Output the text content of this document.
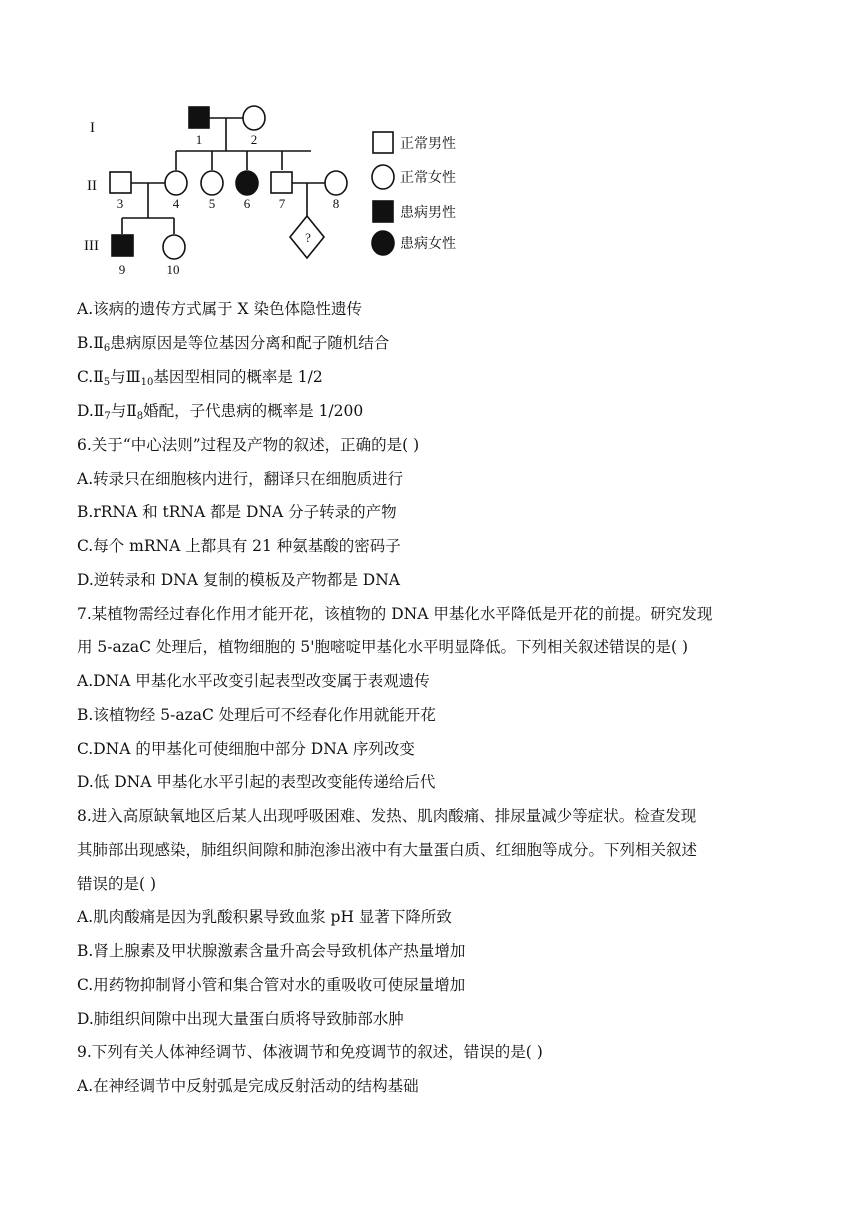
I
II
III
1	2
3	4 5 6 7	8
9	10
?
正常男性
正常女性
患病男性
患病女性
A.该病的遗传方式属于 X 染色体隐性遗传
$B.Ⅱ_6$患病原因是等位基因分离和配子随机结合
$C.Ⅱ_5$与$Ⅲ_{10}$基因型相同的概率是 1/2
$D.Ⅱ_7$与$Ⅱ_8$婚配，子代患病的概率是 1/200
6.关于“中心法则”过程及产物的叙述，正确的是( )
A.转录只在细胞核内进行，翻译只在细胞质进行
B.rRNA 和 tRNA 都是 DNA 分子转录的产物
C.每个 mRNA 上都具有 21 种氨基酸的密码子
D.逆转录和 DNA 复制的模板及产物都是 DNA
7.某植物需经过春化作用才能开花，该植物的 DNA 甲基化水平降低是开花的前提。研究发现
用 5-azaC 处理后，植物细胞的 5'胞嘧啶甲基化水平明显降低。下列相关叙述错误的是( )
A.DNA 甲基化水平改变引起表型改变属于表观遗传
B.该植物经 5-azaC 处理后可不经春化作用就能开花
C.DNA 的甲基化可使细胞中部分 DNA 序列改变
D.低 DNA 甲基化水平引起的表型改变能传递给后代
8.进入高原缺氧地区后某人出现呼吸困难、发热、肌肉酸痛、排尿量减少等症状。检查发现
其肺部出现感染，肺组织间隙和肺泡渗出液中有大量蛋白质、红细胞等成分。下列相关叙述
错误的是( )
A.肌肉酸痛是因为乳酸积累导致血浆 pH 显著下降所致
B.肾上腺素及甲状腺激素含量升高会导致机体产热量增加
C.用药物抑制肾小管和集合管对水的重吸收可使尿量增加
D.肺组织间隙中出现大量蛋白质将导致肺部水肿
9.下列有关人体神经调节、体液调节和免疫调节的叙述，错误的是( )
A.在神经调节中反射弧是完成反射活动的结构基础
